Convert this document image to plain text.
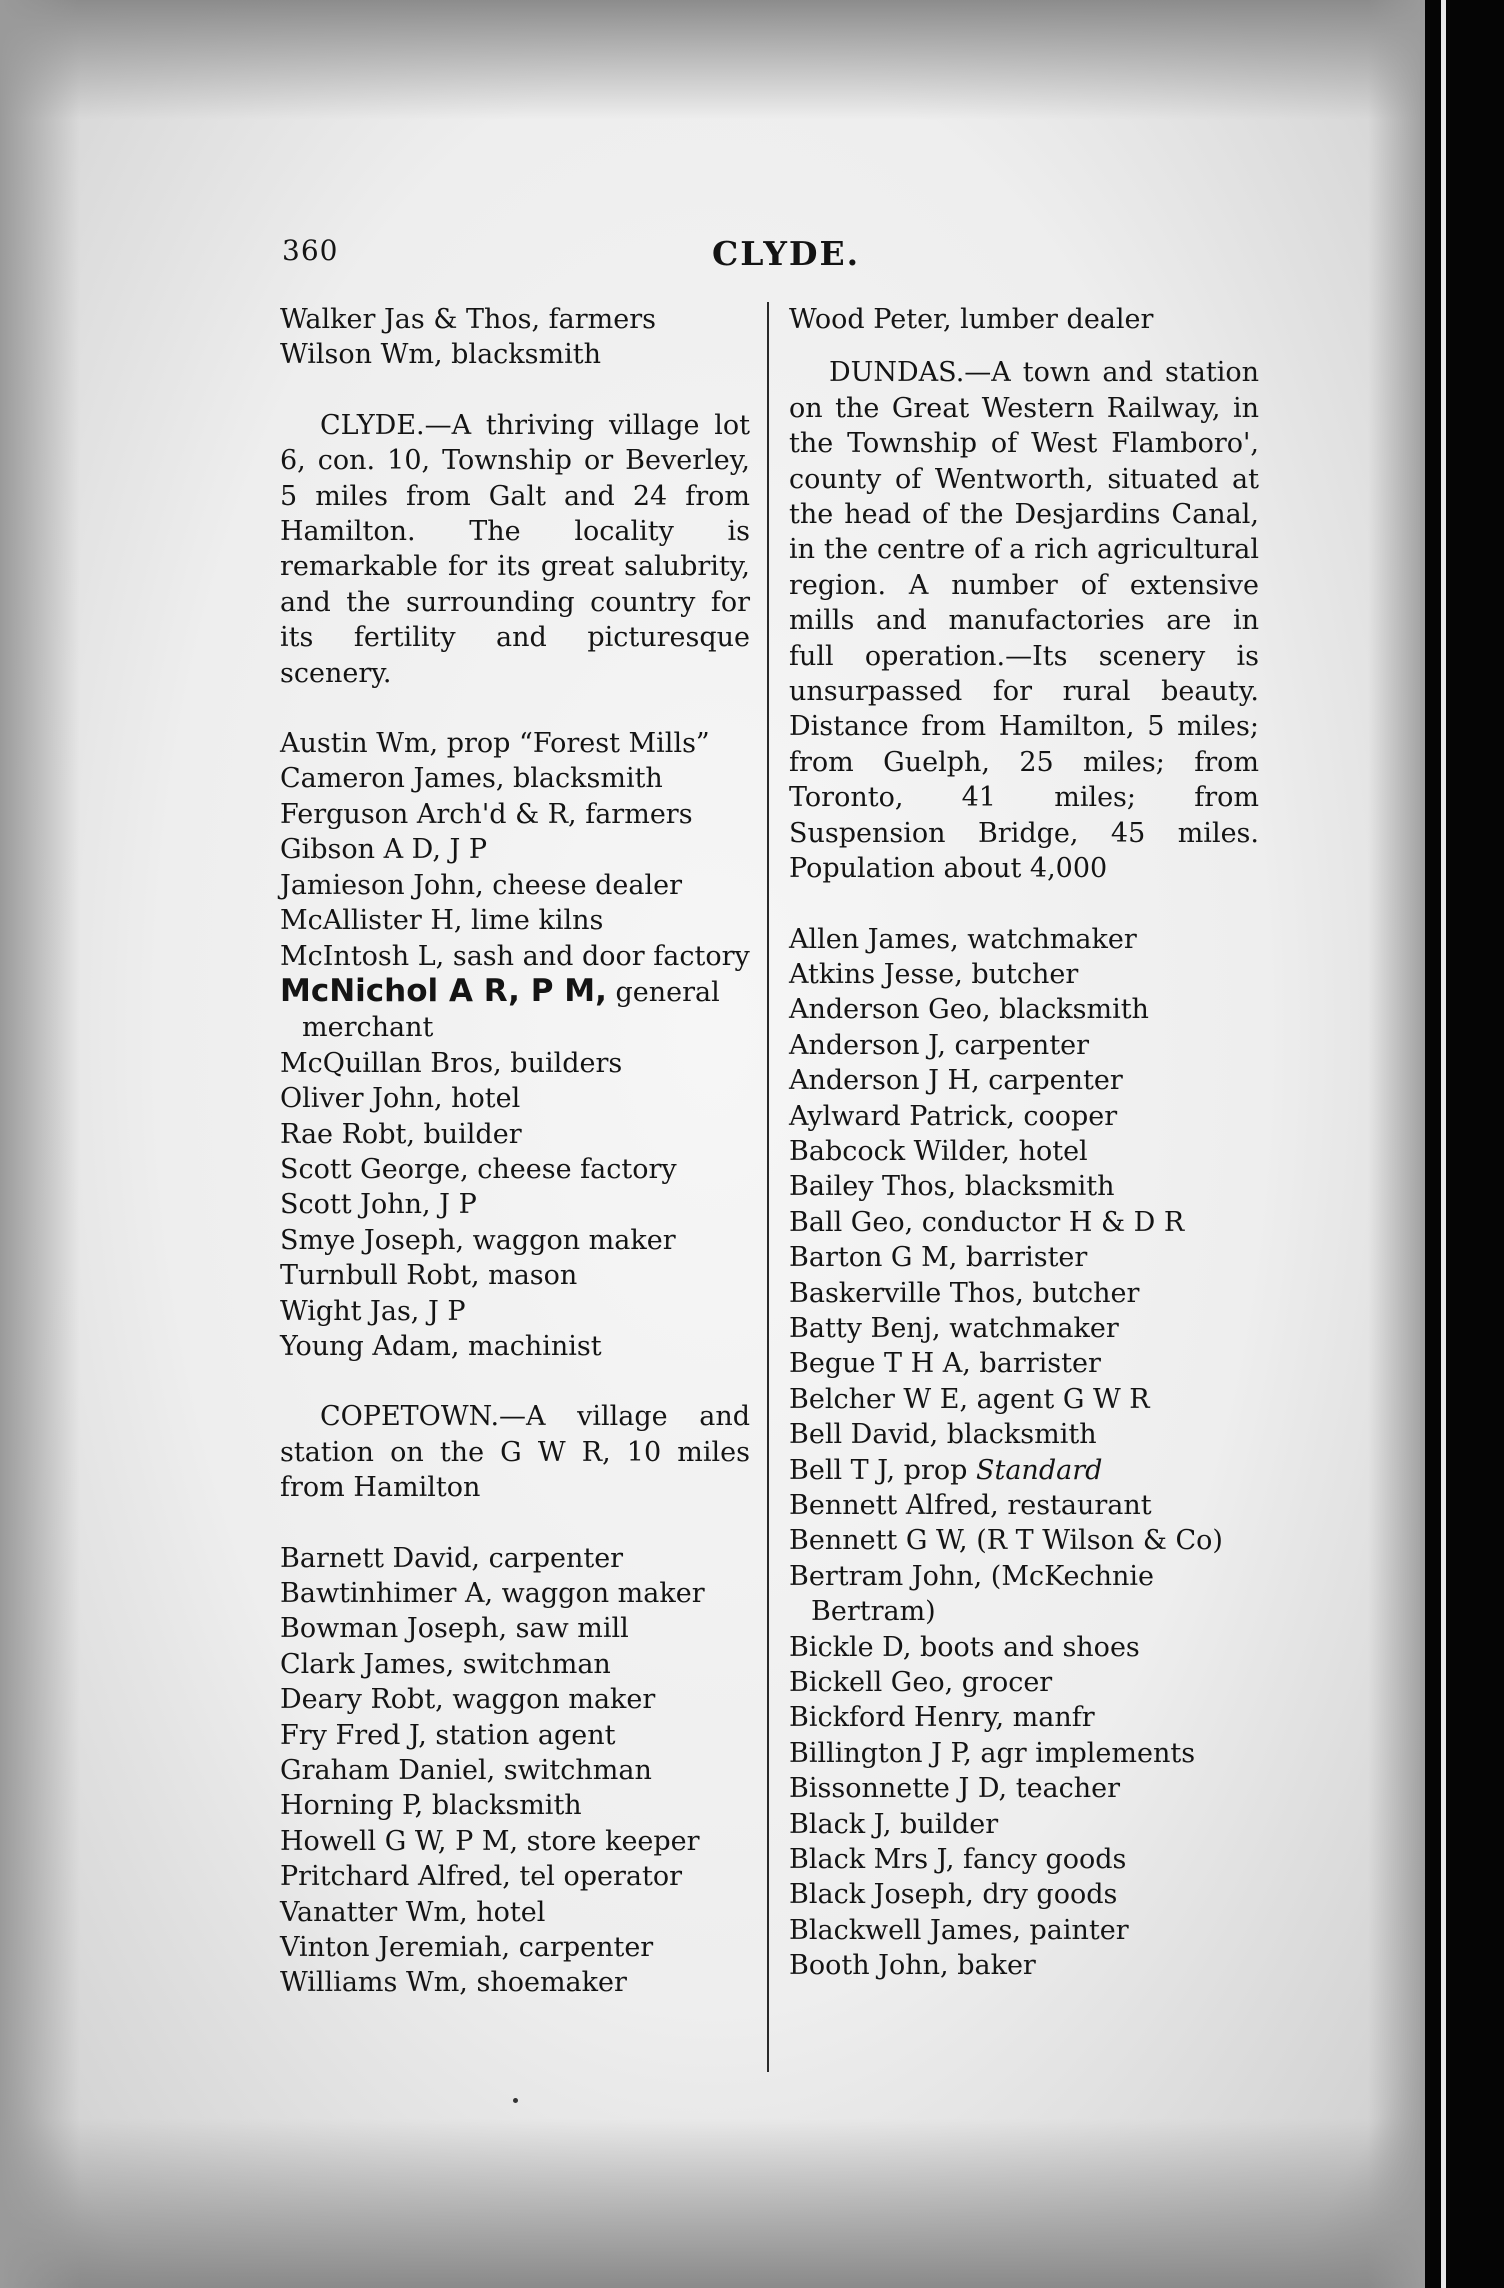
360	CLYDE.
Walker Jas & Thos, farmers
Wilson Wm, blacksmith
CLYDE.—A thriving village lot 6, con. 10, Township or Beverley, 5 miles from Galt and 24 from Hamilton. The locality is remarkable for its great salubrity, and the surrounding country for its fertility and picturesque scenery.
Austin Wm, prop “Forest Mills”
Cameron James, blacksmith
Ferguson Arch'd & R, farmers
Gibson A D, J P
Jamieson John, cheese dealer
McAllister H, lime kilns
McIntosh L, sash and door factory
McNichol A R, P M, general merchant
McQuillan Bros, builders
Oliver John, hotel
Rae Robt, builder
Scott George, cheese factory
Scott John, J P
Smye Joseph, waggon maker
Turnbull Robt, mason
Wight Jas, J P
Young Adam, machinist
COPETOWN.—A village and station on the G W R, 10 miles from Hamilton
Barnett David, carpenter
Bawtinhimer A, waggon maker
Bowman Joseph, saw mill
Clark James, switchman
Deary Robt, waggon maker
Fry Fred J, station agent
Graham Daniel, switchman
Horning P, blacksmith
Howell G W, P M, store keeper
Pritchard Alfred, tel operator
Vanatter Wm, hotel
Vinton Jeremiah, carpenter
Williams Wm, shoemaker
Wood Peter, lumber dealer
DUNDAS.—A town and station on the Great Western Railway, in the Township of West Flamboro', county of Wentworth, situated at the head of the Desjardins Canal, in the centre of a rich agricultural region. A number of extensive mills and manufactories are in full operation.—Its scenery is unsurpassed for rural beauty. Distance from Hamilton, 5 miles; from Guelph, 25 miles; from Toronto, 41 miles; from Suspension Bridge, 45 miles. Population about 4,000
Allen James, watchmaker
Atkins Jesse, butcher
Anderson Geo, blacksmith
Anderson J, carpenter
Anderson J H, carpenter
Aylward Patrick, cooper
Babcock Wilder, hotel
Bailey Thos, blacksmith
Ball Geo, conductor H & D R
Barton G M, barrister
Baskerville Thos, butcher
Batty Benj, watchmaker
Begue T H A, barrister
Belcher W E, agent G W R
Bell David, blacksmith
Bell T J, prop Standard
Bennett Alfred, restaurant
Bennett G W, (R T Wilson & Co)
Bertram John, (McKechnie Bertram)
Bickle D, boots and shoes
Bickell Geo, grocer
Bickford Henry, manfr
Billington J P, agr implements
Bissonnette J D, teacher
Black J, builder
Black Mrs J, fancy goods
Black Joseph, dry goods
Blackwell James, painter
Booth John, baker
